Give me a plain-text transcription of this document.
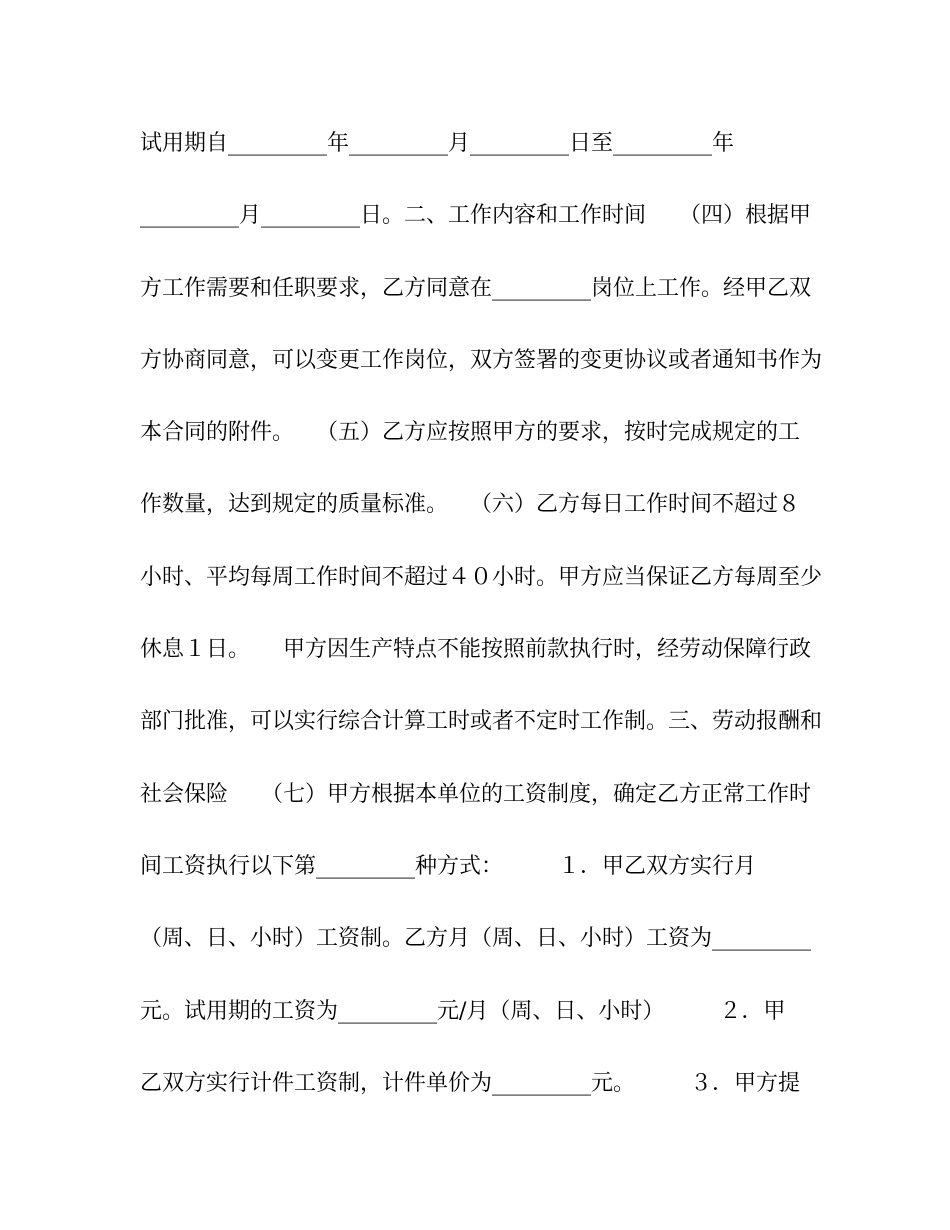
试用期自_________年_________月_________日至_________年
_________月_________日。二、工作内容和工作时间　　（四）根据甲
方工作需要和任职要求，乙方同意在_________岗位上工作。经甲乙双
方协商同意，可以变更工作岗位，双方签署的变更协议或者通知书作为
本合同的附件。　　（五）乙方应按照甲方的要求，按时完成规定的工
作数量，达到规定的质量标准。　　（六）乙方每日工作时间不超过８
小时、平均每周工作时间不超过４０小时。甲方应当保证乙方每周至少
休息１日。　　甲方因生产特点不能按照前款执行时，经劳动保障行政
部门批准，可以实行综合计算工时或者不定时工作制。三、劳动报酬和
社会保险　　（七）甲方根据本单位的工资制度，确定乙方正常工作时
间工资执行以下第_________种方式：　　　１．甲乙双方实行月
（周、日、小时）工资制。乙方月（周、日、小时）工资为_________
元。试用期的工资为_________元/月（周、日、小时）　　　２．甲
乙双方实行计件工资制，计件单价为_________元。　　　３．甲方提
